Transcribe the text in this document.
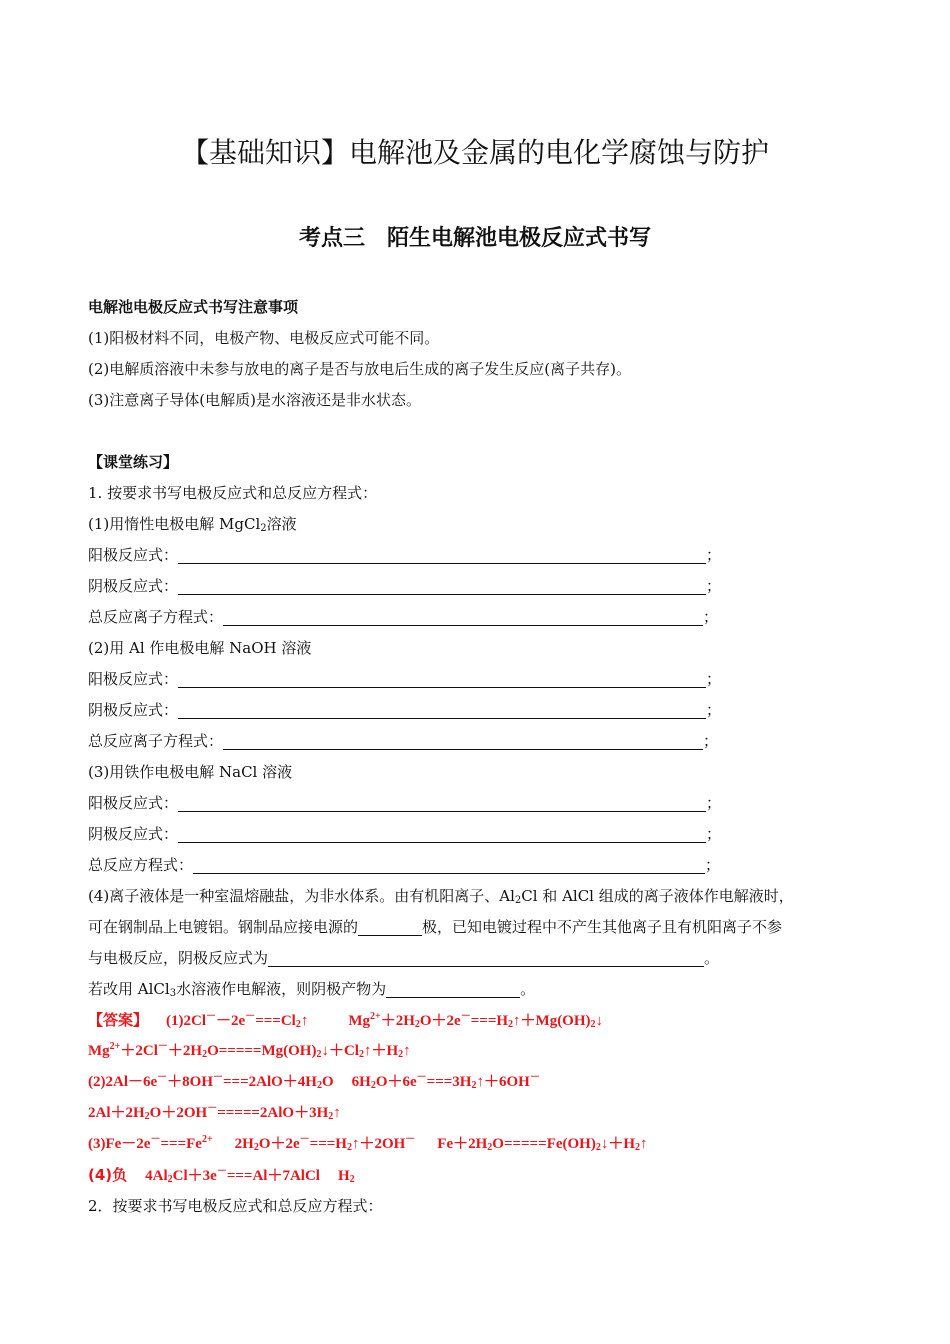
【基础知识】电解池及金属的电化学腐蚀与防护
考点三　陌生电解池电极反应式书写
电解池电极反应式书写注意事项
(1)阳极材料不同，电极产物、电极反应式可能不同。
(2)电解质溶液中未参与放电的离子是否与放电后生成的离子发生反应(离子共存)。
(3)注意离子导体(电解质)是水溶液还是非水状态。
【课堂练习】
1. 按要求书写电极反应式和总反应方程式：
(1)用惰性电极电解 MgCl$_2$溶液
阳极反应式：	；
阴极反应式：	；
总反应离子方程式：	；
(2)用 Al 作电极电解 NaOH 溶液
阳极反应式：	；
阴极反应式：	；
总反应离子方程式：	；
(3)用铁作电极电解 NaCl 溶液
阳极反应式：	；
阴极反应式：	；
总反应方程式：	；
(4)离子液体是一种室温熔融盐，为非水体系。由有机阳离子、$Al_2Cl$ 和 AlCl 组成的离子液体作电解液时，
可在钢制品上电镀铝。钢制品应接电源的	极，已知电镀过程中不产生其他离子且有机阳离子不参
与电极反应，阴极反应式为	。
若改用 AlCl$_3$水溶液作电解液，则阴极产物为	。
【答案】 $(1)2Cl^--2e^-===Cl_2↑$	$Mg^{2+}+2H_2O+2e^-===H_2↑+Mg(OH)_2↓$
$Mg^{2+}+2Cl^-+2H_2O=====Mg(OH)_2↓+Cl_2↑+H_2↑$
$(2)2Al-6e^-+8OH^-===2AlO+4H_2O$ $6H_2O+6e^-===3H_2↑+6OH^-$
$2Al+2H_2O+2OH^-=====2AlO+3H_2↑$
$(3)Fe-2e^-===Fe^{2+}$ $2H_2O+2e^-===H_2↑+2OH^-$ $Fe+2H_2O=====Fe(OH)_2↓+H_2↑$
(4)负 $4Al_2Cl+3e^-===Al+7AlCl$ $H_2$
2．按要求书写电极反应式和总反应方程式：
